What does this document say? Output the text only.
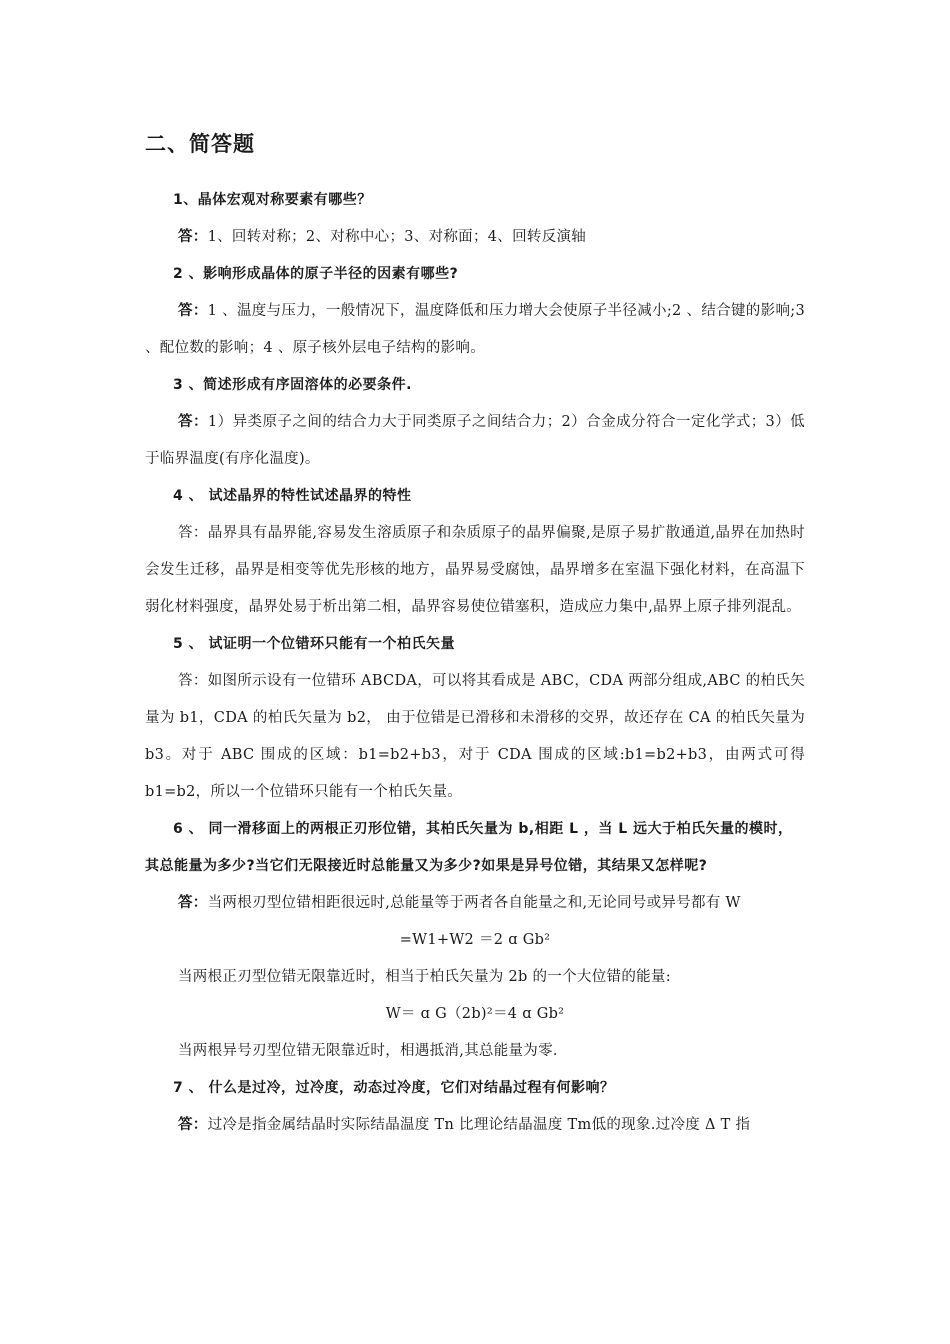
二、简答题

1、晶体宏观对称要素有哪些？

答：1、回转对称；2、对称中心；3、对称面；4、回转反演轴

2 、影响形成晶体的原子半径的因素有哪些?

答：1 、温度与压力，一般情况下，温度降低和压力增大会使原子半径减小;2 、结合键的影响;3 、配位数的影响；4 、原子核外层电子结构的影响。

3 、简述形成有序固溶体的必要条件.

答：1）异类原子之间的结合力大于同类原子之间结合力；2）合金成分符合一定化学式；3）低于临界温度(有序化温度)。

4 、 试述晶界的特性试述晶界的特性

答：晶界具有晶界能,容易发生溶质原子和杂质原子的晶界偏聚,是原子易扩散通道,晶界在加热时会发生迁移，晶界是相变等优先形核的地方，晶界易受腐蚀，晶界增多在室温下强化材料，在高温下弱化材料强度，晶界处易于析出第二相，晶界容易使位错塞积，造成应力集中,晶界上原子排列混乱。

5 、 试证明一个位错环只能有一个柏氏矢量

答：如图所示设有一位错环 ABCDA，可以将其看成是 ABC，CDA 两部分组成,ABC 的柏氏矢量为 b1，CDA 的柏氏矢量为 b2， 由于位错是已滑移和未滑移的交界，故还存在 CA 的柏氏矢量为 b3。对于 ABC 围成的区域：b1=b2+b3，对于 CDA 围成的区域:b1=b2+b3，由两式可得 b1=b2，所以一个位错环只能有一个柏氏矢量。

6 、 同一滑移面上的两根正刃形位错，其柏氏矢量为 b,相距 L ，当 L 远大于柏氏矢量的模时，其总能量为多少?当它们无限接近时总能量又为多少?如果是异号位错，其结果又怎样呢?

答：当两根刃型位错相距很远时,总能量等于两者各自能量之和,无论同号或异号都有 W

=W1+W2 ＝2 ɑ Gb²

当两根正刃型位错无限靠近时，相当于柏氏矢量为 2b 的一个大位错的能量:

W＝ ɑ G（2b)²＝4 ɑ Gb²

当两根异号刃型位错无限靠近时，相遇抵消,其总能量为零.

7 、 什么是过冷，过冷度，动态过冷度，它们对结晶过程有何影响？

答：过冷是指金属结晶时实际结晶温度 Tn 比理论结晶温度 Tm低的现象.过冷度 Δ T 指
